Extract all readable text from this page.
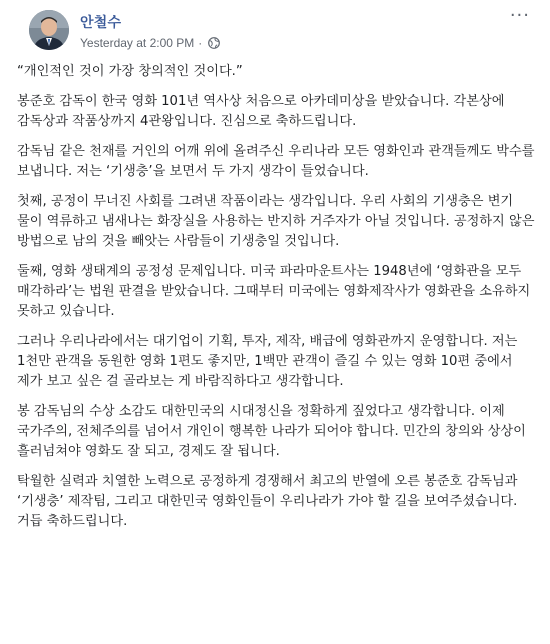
안철수
Yesterday at 2:00 PM ·
···

“개인적인 것이 가장 창의적인 것이다.”

봉준호 감독이 한국 영화 101년 역사상 처음으로 아카데미상을 받았습니다. 각본상에 감독상과 작품상까지 4관왕입니다. 진심으로 축하드립니다.

감독님 같은 천재를 거인의 어깨 위에 올려주신 우리나라 모든 영화인과 관객들께도 박수를 보냅니다. 저는 ‘기생충’을 보면서 두 가지 생각이 들었습니다.

첫째, 공정이 무너진 사회를 그려낸 작품이라는 생각입니다. 우리 사회의 기생충은 변기 물이 역류하고 냄새나는 화장실을 사용하는 반지하 거주자가 아닐 것입니다. 공정하지 않은 방법으로 남의 것을 빼앗는 사람들이 기생충일 것입니다.

둘째, 영화 생태계의 공정성 문제입니다. 미국 파라마운트사는 1948년에 ‘영화관을 모두 매각하라’는 법원 판결을 받았습니다. 그때부터 미국에는 영화제작사가 영화관을 소유하지 못하고 있습니다.

그러나 우리나라에서는 대기업이 기획, 투자, 제작, 배급에 영화관까지 운영합니다. 저는 1천만 관객을 동원한 영화 1편도 좋지만, 1백만 관객이 즐길 수 있는 영화 10편 중에서 제가 보고 싶은 걸 골라보는 게 바람직하다고 생각합니다.

봉 감독님의 수상 소감도 대한민국의 시대정신을 정확하게 짚었다고 생각합니다. 이제 국가주의, 전체주의를 넘어서 개인이 행복한 나라가 되어야 합니다. 민간의 창의와 상상이 흘러넘쳐야 영화도 잘 되고, 경제도 잘 됩니다.

탁월한 실력과 치열한 노력으로 공정하게 경쟁해서 최고의 반열에 오른 봉준호 감독님과 ‘기생충’ 제작팀, 그리고 대한민국 영화인들이 우리나라가 가야 할 길을 보여주셨습니다. 거듭 축하드립니다.
